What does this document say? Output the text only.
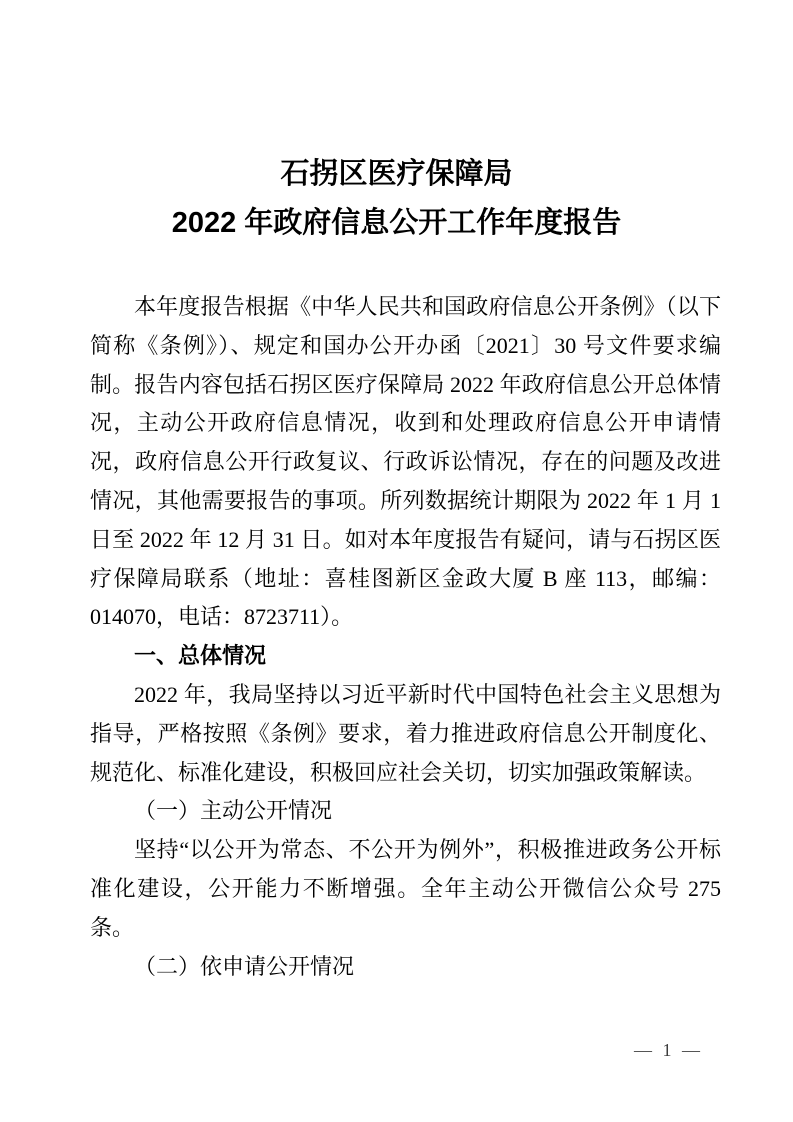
石拐区医疗保障局
2022 年政府信息公开工作年度报告

本年度报告根据《中华人民共和国政府信息公开条例》（以下简称《条例》）、规定和国办公开办函〔2021〕30 号文件要求编制。报告内容包括石拐区医疗保障局 2022 年政府信息公开总体情况，主动公开政府信息情况，收到和处理政府信息公开申请情况，政府信息公开行政复议、行政诉讼情况，存在的问题及改进情况，其他需要报告的事项。所列数据统计期限为 2022 年 1 月 1 日至 2022 年 12 月 31 日。如对本年度报告有疑问，请与石拐区医疗保障局联系（地址：喜桂图新区金政大厦 B 座 113，邮编：014070，电话：8723711）。

一、总体情况

2022 年，我局坚持以习近平新时代中国特色社会主义思想为指导，严格按照《条例》要求，着力推进政府信息公开制度化、规范化、标准化建设，积极回应社会关切，切实加强政策解读。

（一）主动公开情况

坚持“以公开为常态、不公开为例外”，积极推进政务公开标准化建设，公开能力不断增强。全年主动公开微信公众号 275 条。

（二）依申请公开情况

— 1 —
